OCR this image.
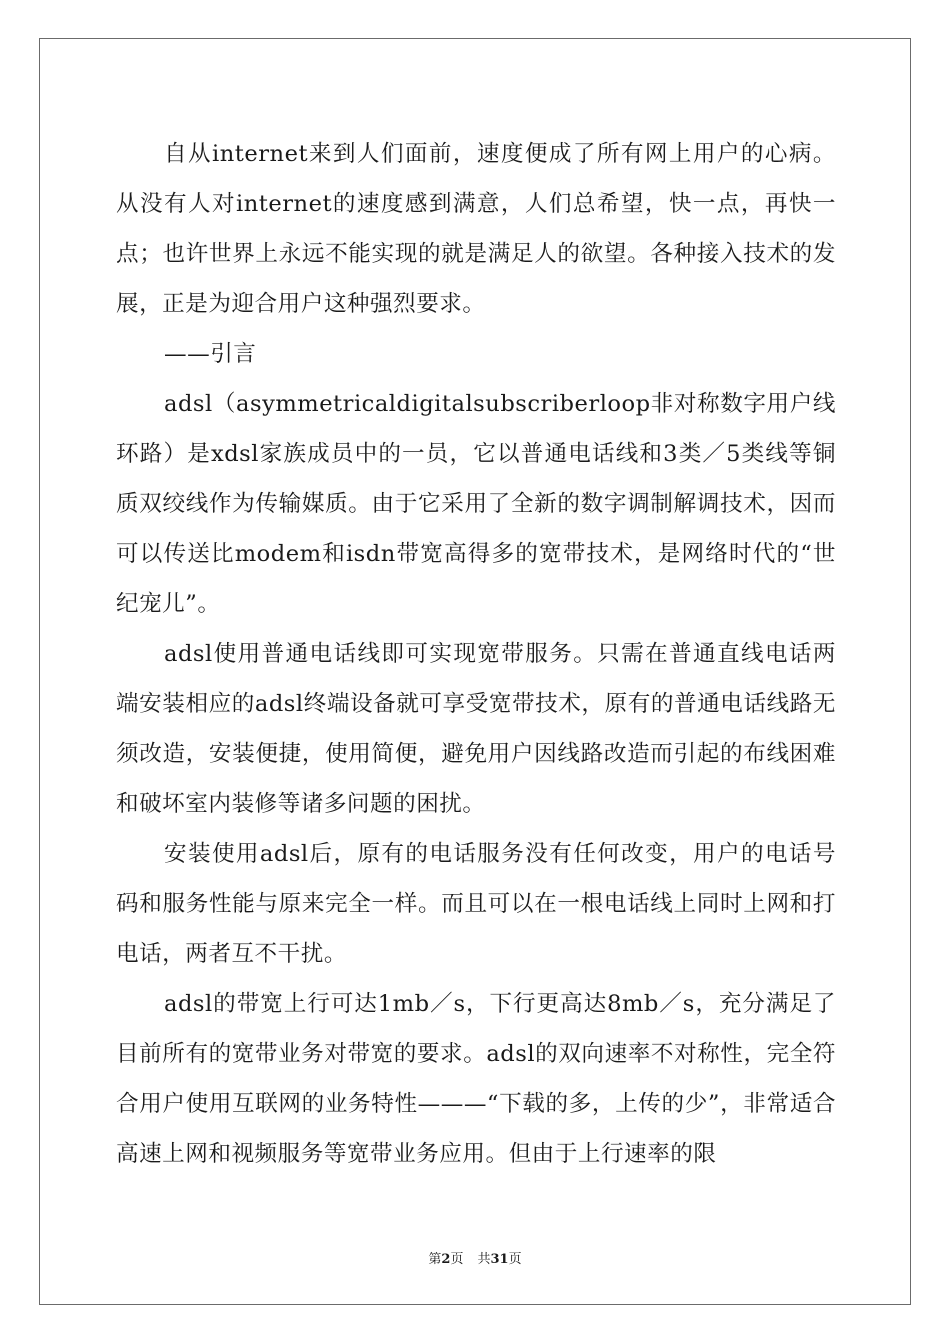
自从internet来到人们面前，速度便成了所有网上用户的心病。从没有人对internet的速度感到满意，人们总希望，快一点，再快一点；也许世界上永远不能实现的就是满足人的欲望。各种接入技术的发展，正是为迎合用户这种强烈要求。

——引言

adsl（asymmetricaldigitalsubscriberloop非对称数字用户线环路）是xdsl家族成员中的一员，它以普通电话线和3类／5类线等铜质双绞线作为传输媒质。由于它采用了全新的数字调制解调技术，因而可以传送比modem和isdn带宽高得多的宽带技术，是网络时代的“世纪宠儿”。

adsl使用普通电话线即可实现宽带服务。只需在普通直线电话两端安装相应的adsl终端设备就可享受宽带技术，原有的普通电话线路无须改造，安装便捷，使用简便，避免用户因线路改造而引起的布线困难和破坏室内装修等诸多问题的困扰。

安装使用adsl后，原有的电话服务没有任何改变，用户的电话号码和服务性能与原来完全一样。而且可以在一根电话线上同时上网和打电话，两者互不干扰。

adsl的带宽上行可达1mb／s，下行更高达8mb／s，充分满足了目前所有的宽带业务对带宽的要求。adsl的双向速率不对称性，完全符合用户使用互联网的业务特性———“下载的多，上传的少”，非常适合高速上网和视频服务等宽带业务应用。但由于上行速率的限

第2页 共31页
